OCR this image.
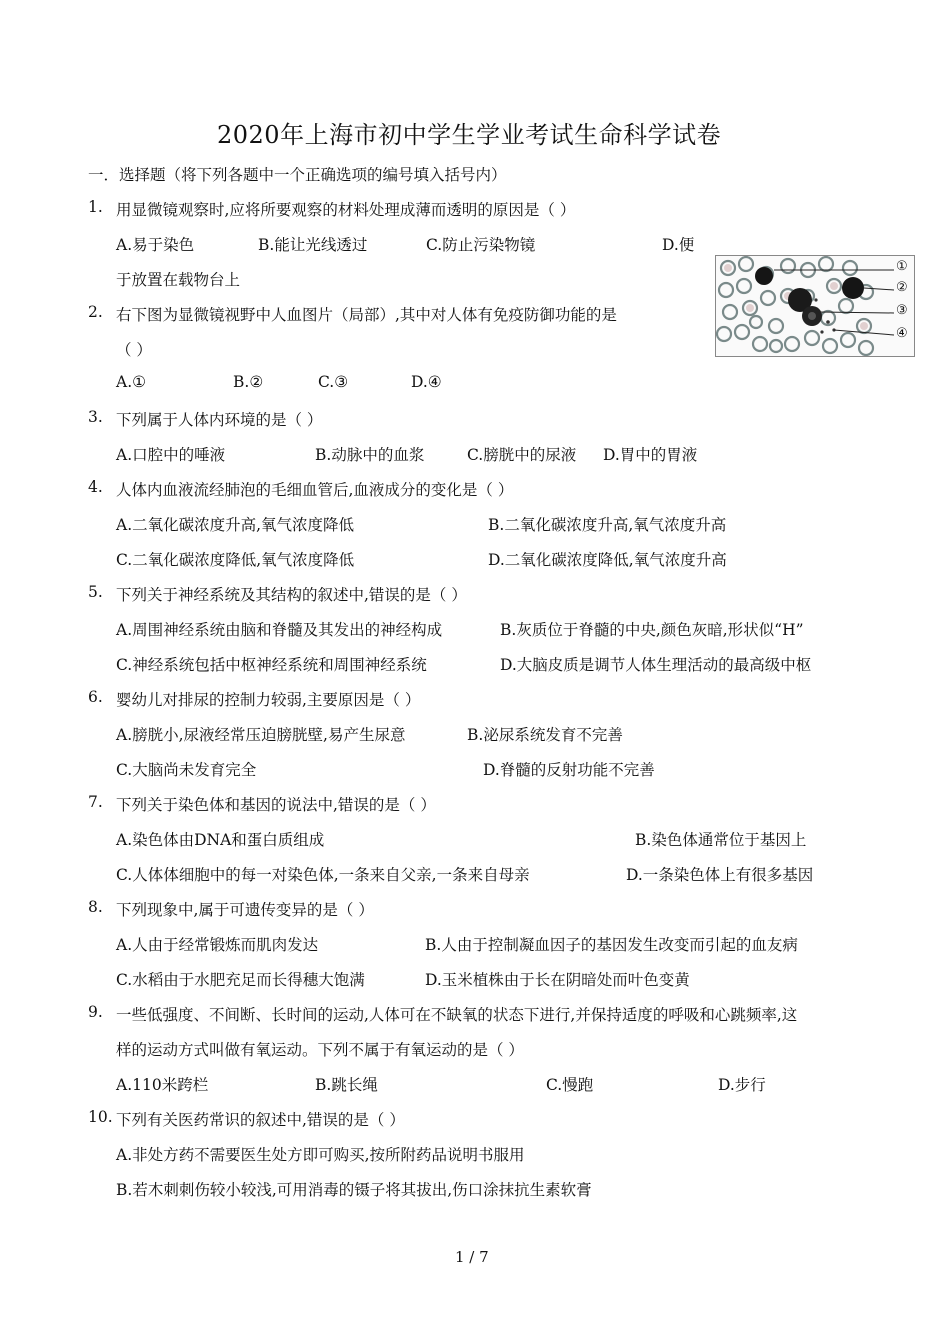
2020年上海市初中学生学业考试生命科学试卷
一．选择题（将下列各题中一个正确选项的编号填入括号内）
1. 用显微镜观察时,应将所要观察的材料处理成薄而透明的原因是（ ）
A.易于染色	B.能让光线透过	C.防止污染物镜	D.便
于放置在载物台上
①
②
③
④
2. 右下图为显微镜视野中人血图片（局部）,其中对人体有免疫防御功能的是
（ ）
A.①	B.②	C.③	D.④
3. 下列属于人体内环境的是（ ）
A.口腔中的唾液	B.动脉中的血浆	C.膀胱中的尿液 D.胃中的胃液
4. 人体内血液流经肺泡的毛细血管后,血液成分的变化是（ ）
A.二氧化碳浓度升高,氧气浓度降低	B.二氧化碳浓度升高,氧气浓度升高
C.二氧化碳浓度降低,氧气浓度降低	D.二氧化碳浓度降低,氧气浓度升高
5. 下列关于神经系统及其结构的叙述中,错误的是（ ）
A.周围神经系统由脑和脊髓及其发出的神经构成	B.灰质位于脊髓的中央,颜色灰暗,形状似“H”
C.神经系统包括中枢神经系统和周围神经系统	D.大脑皮质是调节人体生理活动的最高级中枢
6. 婴幼儿对排尿的控制力较弱,主要原因是（ ）
A.膀胱小,尿液经常压迫膀胱壁,易产生尿意	B.泌尿系统发育不完善
C.大脑尚未发育完全	D.脊髓的反射功能不完善
7. 下列关于染色体和基因的说法中,错误的是（ ）
A.染色体由DNA和蛋白质组成	B.染色体通常位于基因上
C.人体体细胞中的每一对染色体,一条来自父亲,一条来自母亲	D.一条染色体上有很多基因
8. 下列现象中,属于可遗传变异的是（ ）
A.人由于经常锻炼而肌肉发达	B.人由于控制凝血因子的基因发生改变而引起的血友病
C.水稻由于水肥充足而长得穗大饱满	D.玉米植株由于长在阴暗处而叶色变黄
9. 一些低强度、不间断、长时间的运动,人体可在不缺氧的状态下进行,并保持适度的呼吸和心跳频率,这
样的运动方式叫做有氧运动。下列不属于有氧运动的是（ ）
A.110米跨栏	B.跳长绳	C.慢跑	D.步行
10. 下列有关医药常识的叙述中,错误的是（ ）
A.非处方药不需要医生处方即可购买,按所附药品说明书服用
B.若木刺刺伤较小较浅,可用消毒的镊子将其拔出,伤口涂抹抗生素软膏
1 / 7
